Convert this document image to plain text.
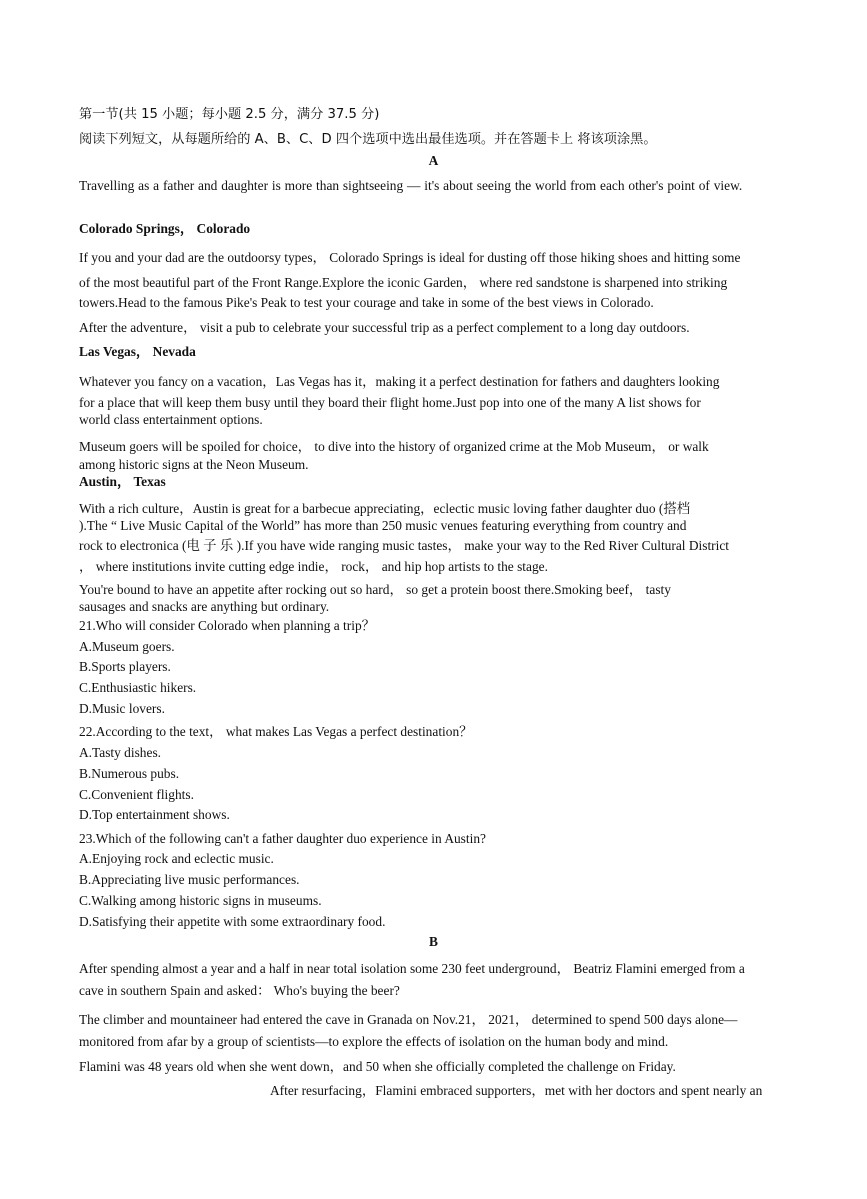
第一节(共 15 小题；每小题 2.5 分，满分 37.5 分)
阅读下列短文，从每题所给的 A、B、C、D 四个选项中选出最佳选项。并在答题卡上 将该项涂黑。
A
Travelling as a father and daughter is more than sightseeing — it's about seeing the world from each other's point of view.
Colorado Springs， Colorado
If you and your dad are the outdoorsy types， Colorado Springs is ideal for dusting off those hiking shoes and hitting some
of the most beautiful part of the Front Range.Explore the iconic Garden， where red sandstone is sharpened into striking
towers.Head to the famous Pike's Peak to test your courage and take in some of the best views in Colorado.
After the adventure， visit a pub to celebrate your successful trip as a perfect complement to a long day outdoors.
Las Vegas， Nevada
Whatever you fancy on a vacation，Las Vegas has it，making it a perfect destination for fathers and daughters looking
for a place that will keep them busy until they board their flight home.Just pop into one of the many A list shows for
world class entertainment options.
Museum goers will be spoiled for choice， to dive into the history of organized crime at the Mob Museum， or walk
among historic signs at the Neon Museum.
Austin， Texas
With a rich culture，Austin is great for a barbecue appreciating，eclectic music loving father daughter duo (搭档
).The “ Live Music Capital of the World” has more than 250 music venues featuring everything from country and
rock to electronica (电 子 乐 ).If you have wide ranging music tastes， make your way to the Red River Cultural District
， where institutions invite cutting edge indie， rock， and hip hop artists to the stage.
You're bound to have an appetite after rocking out so hard， so get a protein boost there.Smoking beef， tasty
sausages and snacks are anything but ordinary.
21.Who will consider Colorado when planning a trip？
A.Museum goers.
B.Sports players.
C.Enthusiastic hikers.
D.Music lovers.
22.According to the text， what makes Las Vegas a perfect destination？
A.Tasty dishes.
B.Numerous pubs.
C.Convenient flights.
D.Top entertainment shows.
23.Which of the following can't a father daughter duo experience in Austin?
A.Enjoying rock and eclectic music.
B.Appreciating live music performances.
C.Walking among historic signs in museums.
D.Satisfying their appetite with some extraordinary food.
B
After spending almost a year and a half in near total isolation some 230 feet underground， Beatriz Flamini emerged from a
cave in southern Spain and asked： Who's buying the beer?
The climber and mountaineer had entered the cave in Granada on Nov.21， 2021， determined to spend 500 days alone—
monitored from afar by a group of scientists—to explore the effects of isolation on the human body and mind.
Flamini was 48 years old when she went down，and 50 when she officially completed the challenge on Friday.
After resurfacing，Flamini embraced supporters，met with her doctors and spent nearly an
